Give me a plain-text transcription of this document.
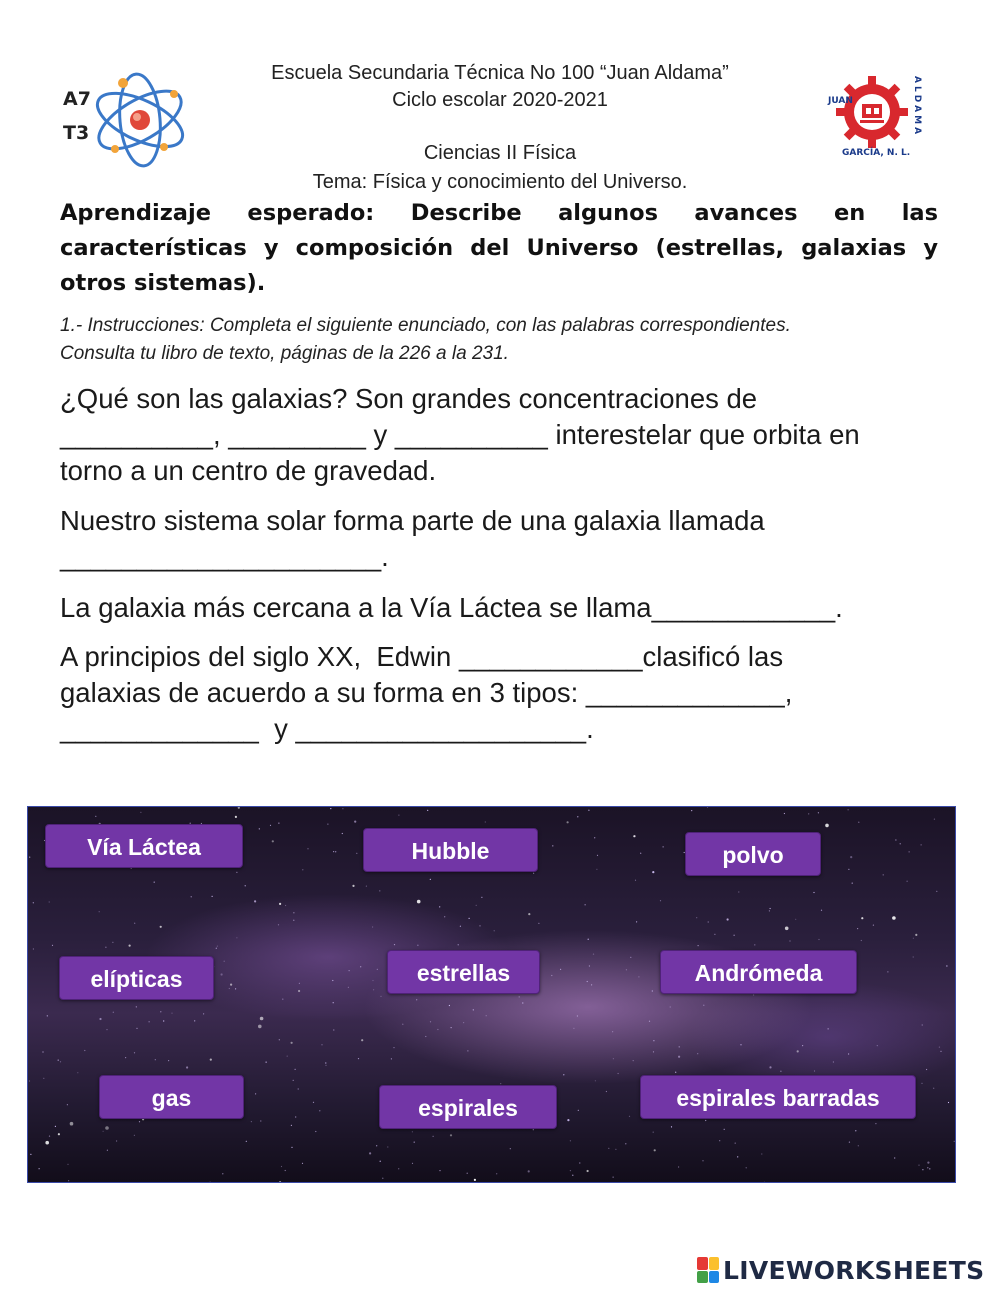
A7
T3
Escuela Secundaria Técnica No 100 “Juan Aldama”
Ciclo escolar 2020-2021
Ciencias II Física
Tema: Física y conocimiento del Universo.
JUAN	ALDAMA
GARCÍA, N. L.
Aprendizaje esperado: Describe algunos avances en las características y composición del Universo (estrellas, galaxias y otros sistemas).
1.- Instrucciones: Completa el siguiente enunciado, con las palabras correspondientes.
Consulta tu libro de texto, páginas de la 226 a la 231.
¿Qué son las galaxias? Son grandes concentraciones de
__________, _________ y __________ interestelar que orbita en
torno a un centro de gravedad.
Nuestro sistema solar forma parte de una galaxia llamada
_____________________.
La galaxia más cercana a la Vía Láctea se llama____________.
A principios del siglo XX,  Edwin ____________clasificó las
galaxias de acuerdo a su forma en 3 tipos: _____________,
_____________  y ___________________.
Vía Láctea	Hubble	polvo
elípticas	estrellas	Andrómeda
gas	espirales	espirales barradas
LIVEWORKSHEETS
